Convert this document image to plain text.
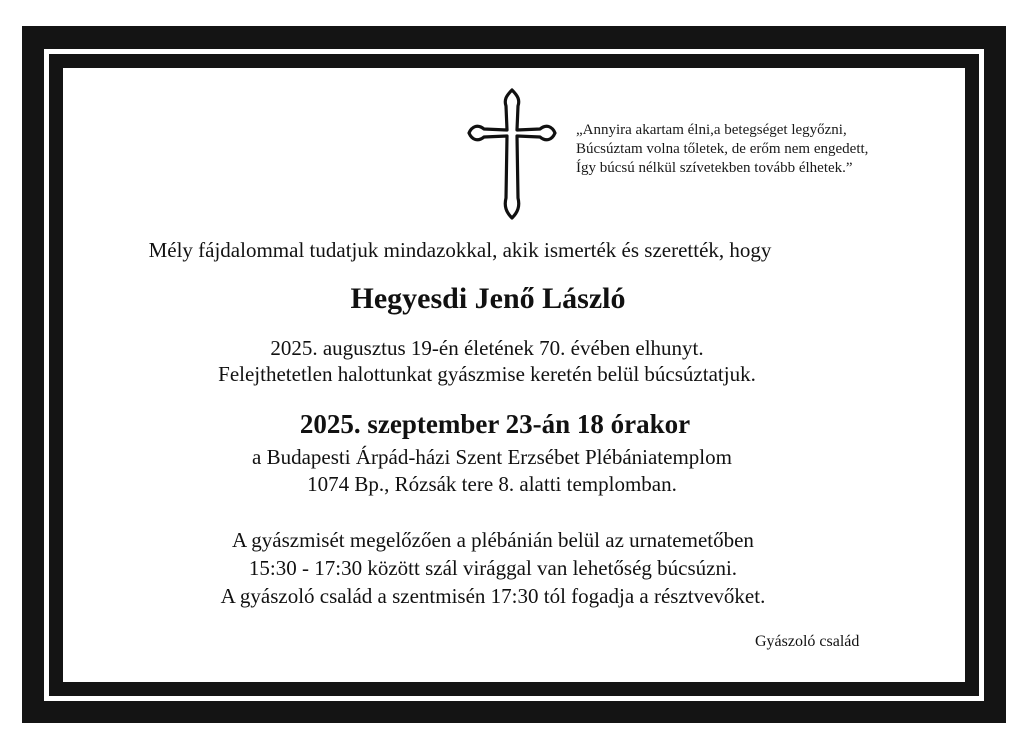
„Annyira akartam élni,a betegséget legyőzni,
Búcsúztam volna tőletek, de erőm nem engedett,
Így búcsú nélkül szívetekben tovább élhetek.”
Mély fájdalommal tudatjuk mindazokkal, akik ismerték és szerették, hogy
Hegyesdi Jenő László
2025. augusztus 19-én életének 70. évében elhunyt.
Felejthetetlen halottunkat gyászmise keretén belül búcsúztatjuk.
2025. szeptember 23-án 18 órakor
a Budapesti Árpád-házi Szent Erzsébet Plébániatemplom
1074 Bp., Rózsák tere 8. alatti templomban.
A gyászmisét megelőzően a plébánián belül az urnatemetőben
15:30 - 17:30 között szál virággal van lehetőség búcsúzni.
A gyászoló család a szentmisén 17:30 tól fogadja a résztvevőket.
Gyászoló család
